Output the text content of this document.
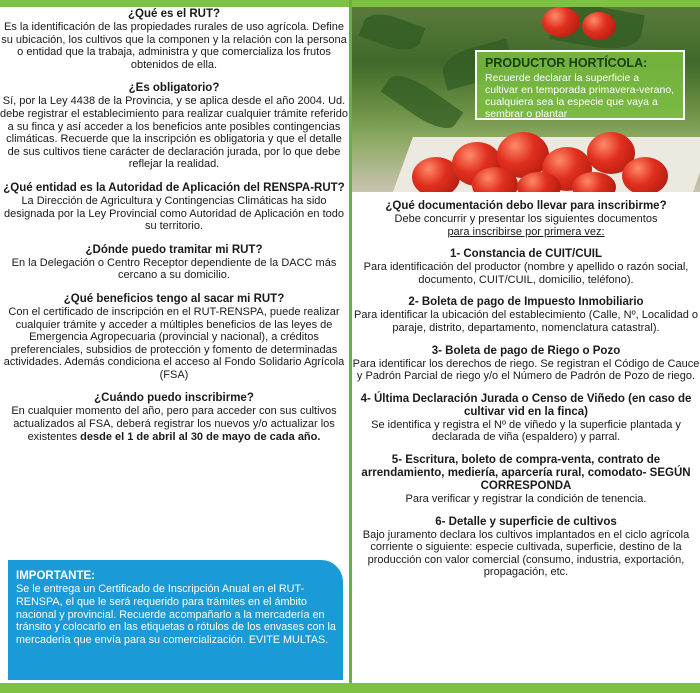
¿Qué es el RUT?

Es la identificación de las propiedades rurales de uso agrícola. Define su ubicación, los cultivos que la componen y la relación con la persona o entidad que la trabaja, administra y que comercializa los frutos obtenidos de ella.

¿Es obligatorio?

Sí, por la Ley 4438 de la Provincia, y se aplica desde el año 2004. Ud. debe registrar el establecimiento para realizar cualquier trámite referido a su finca y así acceder a los beneficios ante posibles contingencias climáticas. Recuerde que la inscripción es obligatoria y que el detalle de sus cultivos tiene carácter de declaración jurada, por lo que debe reflejar la realidad.

¿Qué entidad es la Autoridad de Aplicación del RENSPA-RUT?

La Dirección de Agricultura y Contingencias Climáticas ha sido designada por la Ley Provincial como Autoridad de Aplicación en todo su territorio.

¿Dónde puedo tramitar mi RUT?

En la Delegación o Centro Receptor dependiente de la DACC más cercano a su domicilio.

¿Qué beneficios tengo al sacar mi RUT?

Con el certificado de inscripción en el RUT-RENSPA, puede realizar cualquier trámite y acceder a múltiples beneficios de las leyes de Emergencia Agropecuaria (provincial y nacional), a créditos preferenciales, subsidios de protección y fomento de determinadas actividades. Además condiciona el acceso al Fondo Solidario Agrícola (FSA)

¿Cuándo puedo inscribirme?

En cualquier momento del año, pero para acceder con sus cultivos actualizados al FSA, deberá registrar los nuevos y/o actualizar los existentes desde el 1 de abril al 30 de mayo de cada año.

IMPORTANTE:

Se le entrega un Certificado de Inscripción Anual en el RUT-RENSPA, el que le será requerido para trámites en el ámbito nacional y provincial. Recuerde acompañarlo a la mercadería en tránsito y colocarlo en las etiquetas o rótulos de los envases con la mercadería que envía para su comercialización. EVITE MULTAS.

PRODUCTOR HORTÍCOLA:

Recuerde declarar la superficie a cultivar en temporada primavera-verano, cualquiera sea la especie que vaya a sembrar o plantar

¿Qué documentación debo llevar para inscribirme?

Debe concurrir y presentar los siguientes documentos

para inscribirse por primera vez:

1- Constancia de CUIT/CUIL

Para identificación del productor (nombre y apellido o razón social, documento, CUIT/CUIL, domicilio, teléfono).

2- Boleta de pago de Impuesto Inmobiliario

Para identificar la ubicación del establecimiento (Calle, Nº, Localidad o paraje, distrito, departamento, nomenclatura catastral).

3- Boleta de pago de Riego o Pozo

Para identificar los derechos de riego. Se registran el Código de Cauce y Padrón Parcial de riego y/o el Número de Padrón de Pozo de riego.

4- Última Declaración Jurada o Censo de Viñedo (en caso de cultivar vid en la finca)

Se identifica y registra el Nº de viñedo y la superficie plantada y declarada de viña (espaldero) y parral.

5- Escritura, boleto de compra-venta, contrato de arrendamiento, mediería, aparcería rural, comodato- SEGÚN CORRESPONDA

Para verificar y registrar la condición de tenencia.

6- Detalle y superficie de cultivos

Bajo juramento declara los cultivos implantados en el ciclo agrícola corriente o siguiente: especie cultivada, superficie, destino de la producción con valor comercial (consumo, industria, exportación, propagación, etc.
